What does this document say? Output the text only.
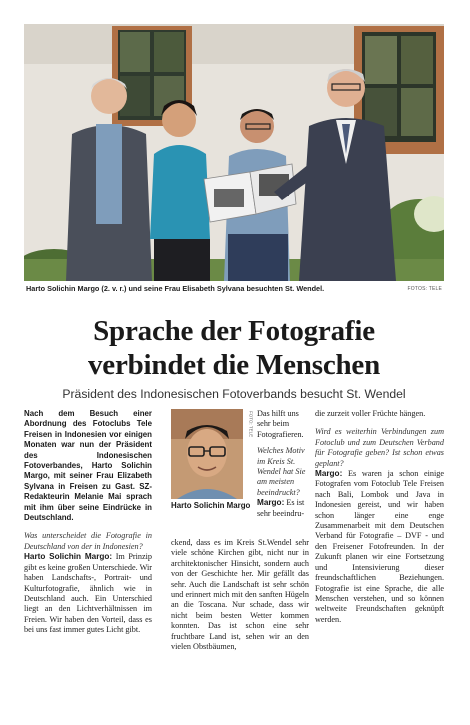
Harto Solichin Margo (2. v. r.) und seine Frau Elisabeth Sylvana besuchten St. Wendel.	FOTOS: TELE
Sprache der Fotografie
verbindet die Menschen
Präsident des Indonesischen Fotoverbands besucht St. Wendel

Nach dem Besuch einer Abordnung des Fotoclubs Tele Freisen in Indonesien vor einigen Monaten war nun der Präsident des Indonesischen Fotoverbandes, Harto Solichin Margo, mit seiner Frau Elizabeth Sylvana in Freisen zu Gast. SZ-Redakteurin Melanie Mai sprach mit ihm über seine Eindrücke in Deutschland.

Was unterscheidet die Fotografie in Deutschland von der in Indonesien?

Harto Solichin Margo: Im Prinzip gibt es keine großen Unterschiede. Wir haben Landschafts-, Portrait- und Kulturfotografie, ähnlich wie in Deutschland auch. Ein Unterschied liegt an den Lichtverhältnissen im Freien. Wir haben den Vorteil, dass es bei uns fast immer gutes Licht gibt.

FOTO: TELE
Harto Solichin Margo

Das hilft uns sehr beim Fotografieren.

Welches Motiv im Kreis St. Wendel hat Sie am meisten beeindruckt?

Margo: Es ist sehr beeindru-

ckend, dass es im Kreis St.Wendel sehr viele schöne Kirchen gibt, nicht nur in architektonischer Hinsicht, sondern auch von der Geschichte her. Mir gefällt das sehr. Auch die Landschaft ist sehr schön und erinnert mich mit den sanften Hügeln an die Toscana. Nur schade, dass wir nicht beim besten Wetter kommen konnten. Das ist schon eine sehr fruchtbare Land ist, sehen wir an den vielen Obstbäumen,

die zurzeit voller Früchte hängen.

Wird es weiterhin Verbindungen zum Fotoclub und zum Deutschen Verband für Fotografie geben? Ist schon etwas geplant?

Margo: Es waren ja schon einige Fotografen vom Fotoclub Tele Freisen nach Bali, Lombok und Java in Indonesien gereist, und wir haben schon länger eine enge Zusammenarbeit mit dem Deutschen Verband für Fotografie – DVF - und den Freisener Fotofreunden. In der Zukunft planen wir eine Fortsetzung und Intensivierung dieser freundschaftlichen Beziehungen. Fotografie ist eine Sprache, die alle Menschen verstehen, und so können weltweite Freundschaften geknüpft werden.
